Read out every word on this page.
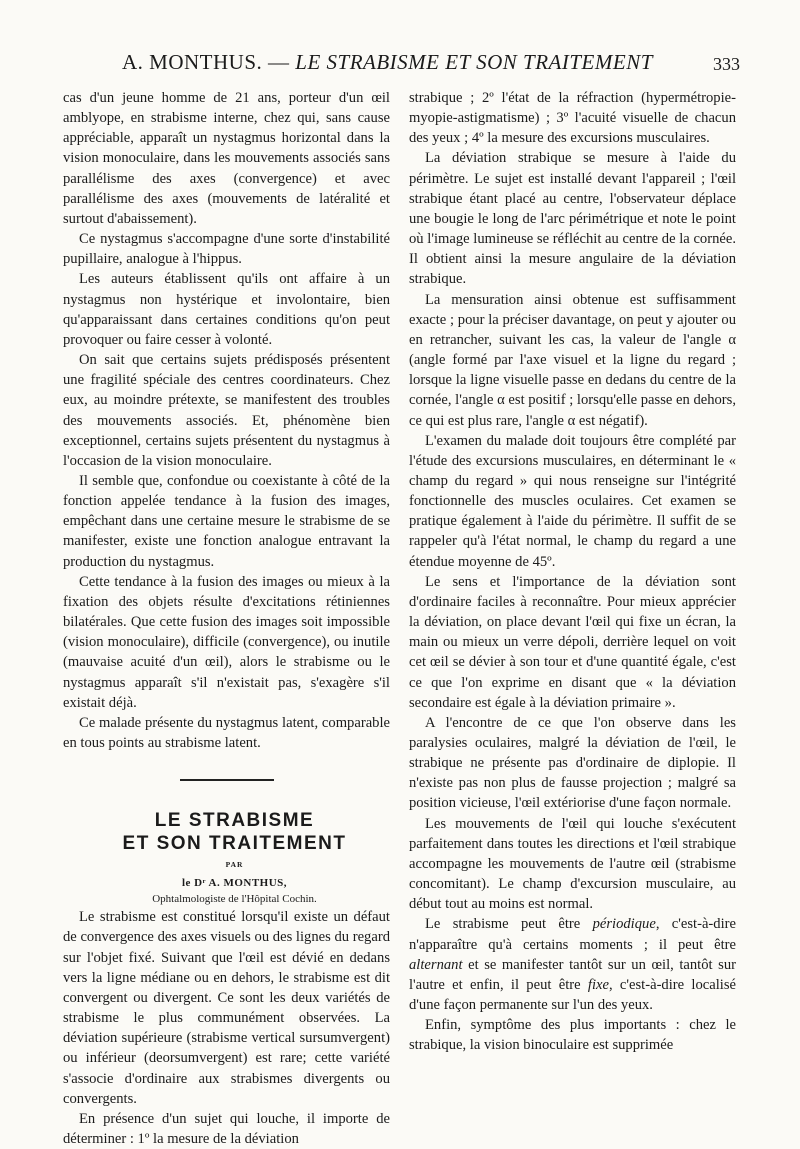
A. MONTHUS. — LE STRABISME ET SON TRAITEMENT	333

cas d'un jeune homme de 21 ans, porteur d'un œil amblyope, en strabisme interne, chez qui, sans cause appréciable, apparaît un nystagmus horizontal dans la vision monoculaire, dans les mouvements associés sans parallélisme des axes (convergence) et avec parallélisme des axes (mouvements de latéralité et surtout d'abaissement).

Ce nystagmus s'accompagne d'une sorte d'instabilité pupillaire, analogue à l'hippus.

Les auteurs établissent qu'ils ont affaire à un nystagmus non hystérique et involontaire, bien qu'apparaissant dans certaines conditions qu'on peut provoquer ou faire cesser à volonté.

On sait que certains sujets prédisposés présentent une fragilité spéciale des centres coordinateurs. Chez eux, au moindre prétexte, se manifestent des troubles des mouvements associés. Et, phénomène bien exceptionnel, certains sujets présentent du nystagmus à l'occasion de la vision monoculaire.

Il semble que, confondue ou coexistante à côté de la fonction appelée tendance à la fusion des images, empêchant dans une certaine mesure le strabisme de se manifester, existe une fonction analogue entravant la production du nystagmus.

Cette tendance à la fusion des images ou mieux à la fixation des objets résulte d'excitations rétiniennes bilatérales. Que cette fusion des images soit impossible (vision monoculaire), difficile (convergence), ou inutile (mauvaise acuité d'un œil), alors le strabisme ou le nystagmus apparaît s'il n'existait pas, s'exagère s'il existait déjà.

Ce malade présente du nystagmus latent, comparable en tous points au strabisme latent.

LE STRABISME

ET SON TRAITEMENT

PAR

le Dʳ A. MONTHUS,

Ophtalmologiste de l'Hôpital Cochin.

Le strabisme est constitué lorsqu'il existe un défaut de convergence des axes visuels ou des lignes du regard sur l'objet fixé. Suivant que l'œil est dévié en dedans vers la ligne médiane ou en dehors, le strabisme est dit convergent ou divergent. Ce sont les deux variétés de strabisme le plus communément observées. La déviation supérieure (strabisme vertical sursumvergent) ou inférieur (deorsumvergent) est rare; cette variété s'associe d'ordinaire aux strabismes divergents ou convergents.

En présence d'un sujet qui louche, il importe de déterminer : 1º la mesure de la déviation

strabique ; 2º l'état de la réfraction (hypermétropie-myopie-astigmatisme) ; 3º l'acuité visuelle de chacun des yeux ; 4º la mesure des excursions musculaires.

La déviation strabique se mesure à l'aide du périmètre. Le sujet est installé devant l'appareil ; l'œil strabique étant placé au centre, l'observateur déplace une bougie le long de l'arc périmétrique et note le point où l'image lumineuse se réfléchit au centre de la cornée. Il obtient ainsi la mesure angulaire de la déviation strabique.

La mensuration ainsi obtenue est suffisamment exacte ; pour la préciser davantage, on peut y ajouter ou en retrancher, suivant les cas, la valeur de l'angle α (angle formé par l'axe visuel et la ligne du regard ; lorsque la ligne visuelle passe en dedans du centre de la cornée, l'angle α est positif ; lorsqu'elle passe en dehors, ce qui est plus rare, l'angle α est négatif).

L'examen du malade doit toujours être complété par l'étude des excursions musculaires, en déterminant le « champ du regard » qui nous renseigne sur l'intégrité fonctionnelle des muscles oculaires. Cet examen se pratique également à l'aide du périmètre. Il suffit de se rappeler qu'à l'état normal, le champ du regard a une étendue moyenne de 45º.

Le sens et l'importance de la déviation sont d'ordinaire faciles à reconnaître. Pour mieux apprécier la déviation, on place devant l'œil qui fixe un écran, la main ou mieux un verre dépoli, derrière lequel on voit cet œil se dévier à son tour et d'une quantité égale, c'est ce que l'on exprime en disant que « la déviation secondaire est égale à la déviation primaire ».

A l'encontre de ce que l'on observe dans les paralysies oculaires, malgré la déviation de l'œil, le strabique ne présente pas d'ordinaire de diplopie. Il n'existe pas non plus de fausse projection ; malgré sa position vicieuse, l'œil extériorise d'une façon normale.

Les mouvements de l'œil qui louche s'exécutent parfaitement dans toutes les directions et l'œil strabique accompagne les mouvements de l'autre œil (strabisme concomitant). Le champ d'excursion musculaire, au début tout au moins est normal.

Le strabisme peut être périodique, c'est-à-dire n'apparaître qu'à certains moments ; il peut être alternant et se manifester tantôt sur un œil, tantôt sur l'autre et enfin, il peut être fixe, c'est-à-dire localisé d'une façon permanente sur l'un des yeux.

Enfin, symptôme des plus importants : chez le strabique, la vision binoculaire est supprimée
